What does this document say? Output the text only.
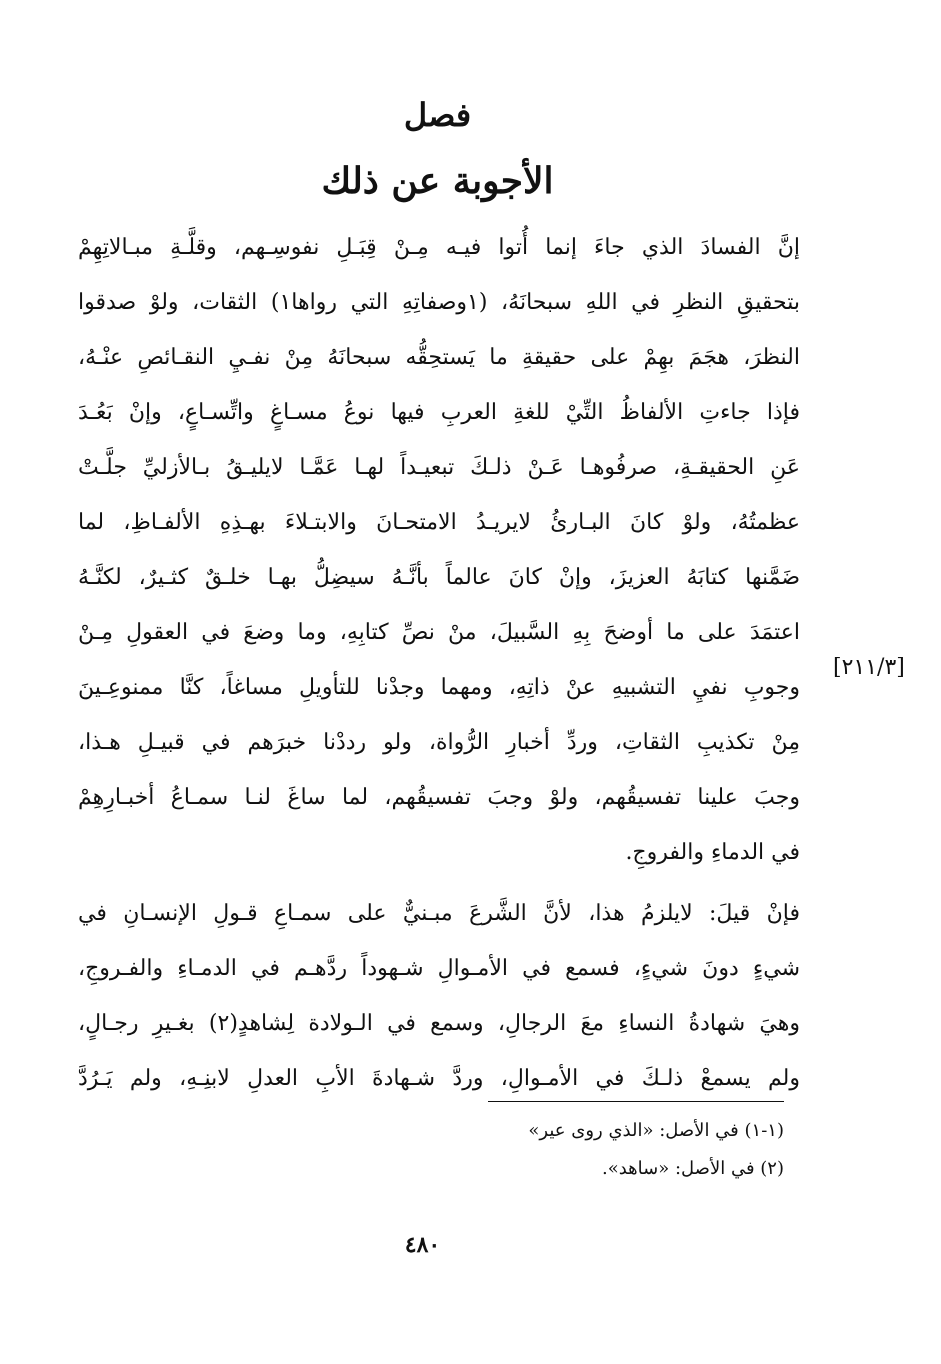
فصل
الأجوبة عن ذلك
[٢١١/٣]
إنَّ الفسادَ الذي جاءَ إنما أُتوا فيـه مِـنْ قِبَـلِ نفوسِـهم، وقلَّـةِ مبـالاتِهِمْ
بتحقيقِ النظرِ في اللهِ سبحانَهُ، (١وصفاتِهِ التي رواها١) الثقات، ولوْ صدقوا
النظرَ، هجَمَ بهِمْ على حقيقةِ ما يَستحِقُّه سبحانَهُ مِنْ نفـيِ النقـائصِ عنْـهُ،
فإذا جاءتِ الألفاظُ التِّيْ للغةِ العربِ فيها نوعُ مسـاغٍ واتِّسـاعٍ، وإنْ بَعُـدَ
عَنِ الحقيقـةِ، صرفُوهـا عَـنْ ذلـكَ تبعيـداً لهـا عَمَّـا لايليـقُ بـالأزليِّ جلَّـتْ
عظمتُهُ، ولوْ كانَ البـارئُ لايريـدُ الامتحـانَ والابتـلاءَ بهـذِهِ الألفـاظِ، لما
ضَمَّنها كتابَهُ العزيزَ، وإنْ كانَ عالماً بأنَّـهُ سيضِلُّ بهـا خلـقٌ كثـيرٌ، لكنَّـهُ
اعتمَدَ على ما أوضحَ بِهِ السَّبيلَ، منْ نصِّ كتابِهِ، وما وضعَ في العقولِ مِـنْ
وجوبِ نفيِ التشبيهِ عنْ ذاتِهِ، ومهما وجدْنا للتأويلِ مساغاً، كنَّا ممنوعِـينَ
مِنْ تكذيبِ الثقاتِ، وردِّ أخبارِ الرُّواة، ولو رددْنا خبرَهم في قبيـلِ هـذا،
وجبَ علينا تفسيقُهم، ولوْ وجبَ تفسيقُهم، لما ساغَ لنـا سمـاعُ أخبـارِهِمْ
في الدماءِ والفروجِ.
فإنْ قيلَ: لايلزمُ هذا، لأنَّ الشَّرعَ مبـنيٌّ على سمـاعِ قـولِ الإنسـانِ في
شيءٍ دونَ شيءٍ، فسمع في الأمـوالِ شـهوداً ردَّهـم في الدمـاءِ والفـروجِ،
وهيَ شهادةُ النساءِ معَ الرجالِ، وسمع في الـولادة لِشاهدٍ(٢) بغـيرِ رجـالٍ،
ولم يسمعْ ذلـكَ في الأمـوالِ، وردَّ شـهادةَ الأبِ العدلِ لابنِـهِ، ولم يَـرُدَّ
(١-١) في الأصل: «الذي روى عير»
(٢) في الأصل: «ساهد».
٤٨٠
